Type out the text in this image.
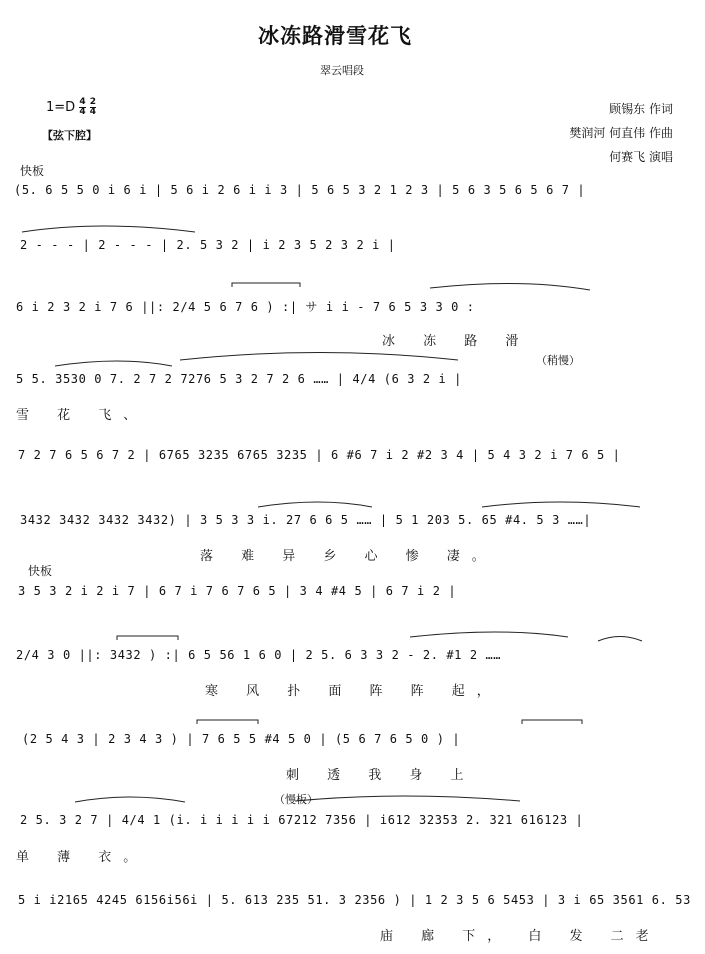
冰冻路滑雪花飞
翠云唱段
$1=D \frac{4}{4}$
$\frac{2}{4}$
【弦下腔】
顾锡东 作词
樊润河 何直伟 作曲
何赛飞 演唱
快板
快板
(5. 6 5 5 0 i 6 i | 5 6 i 2 6 i i 3 | 5 6 5 3 2 1 2 3 | 5 6 3 5 6 5 6 7 |
2 - - - | 2 - - - | 2. 5 3 2 | i 2 3 5 2 3 2 i |
6 i 2 3 2 i 7 6 ||: 2/4 5 6 7 6 ) :| サ i i - 7 6 5 3 3 0 :
冰 冻 路 滑
（稍慢）
5 5. 3530 0 7. 2 7 2 7276 5 3 2 7 2 6 …… | 4/4 (6 3 2 i |
雪 花 飞、
7 2 7 6 5 6 7 2 | 6765 3235 6765 3235 | 6 #6 7 i 2 #2 3 4 | 5 4 3 2 i 7 6 5 |
3432 3432 3432 3432) | 3 5 3 3 i. 27 6 6 5 …… | 5 1 203 5. 65 #4. 5 3 ……|
落 难 异 乡 心 惨 凄。
3 5 3 2 i 2 i 7 | 6 7 i 7 6 7 6 5 | 3 4 #4 5 | 6 7 i 2 |
2/4 3 0 ||: 3432 ) :| 6 5 56 1 6 0 | 2 5. 6 3 3 2 - 2. #1 2 ……
寒 风 扑 面 阵 阵 起，
(2 5 4 3 | 2 3 4 3 ) | 7 6 5 5 #4 5 0 | (5 6 7 6 5 0 ) |
刺 透 我 身 上
（慢板）
2 5. 3 2 7 | 4/4 1 (i. i i i i i 67212 7356 | i612 32353 2. 321 616123 |
单 薄 衣。
5 i i2165 4245 6156i56i | 5. 613 235 51. 3 2356 ) | 1 2 3 5 6 5453 | 3 i 65 3561 6. 53
庙 廊 下， 白 发 二老
